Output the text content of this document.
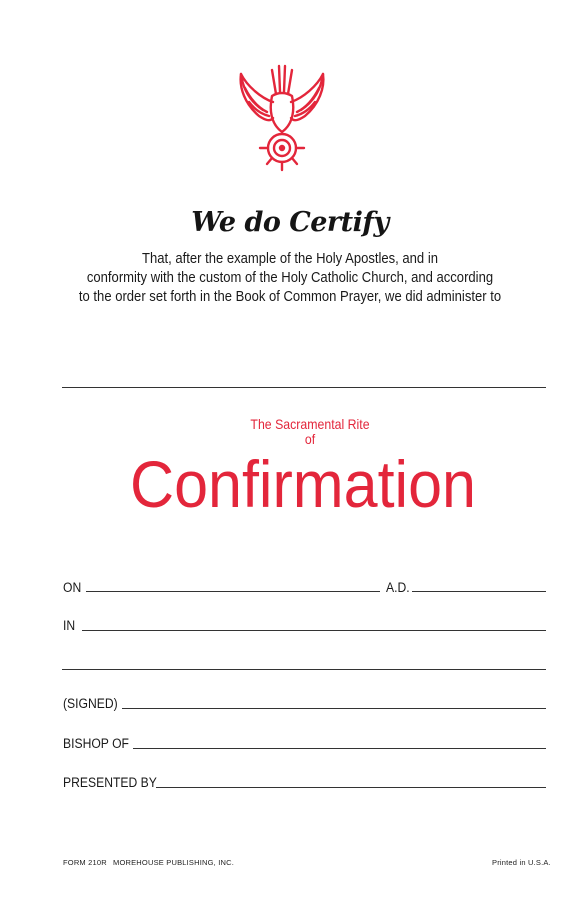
We do Certify
That, after the example of the Holy Apostles, and in
conformity with the custom of the Holy Catholic Church, and according
to the order set forth in the Book of Common Prayer, we did administer to
The Sacramental Rite
of
Confirmation
ON	A.D.
IN
(SIGNED)
BISHOP OF
PRESENTED BY
FORM 210R MOREHOUSE PUBLISHING, INC.	Printed in U.S.A.
